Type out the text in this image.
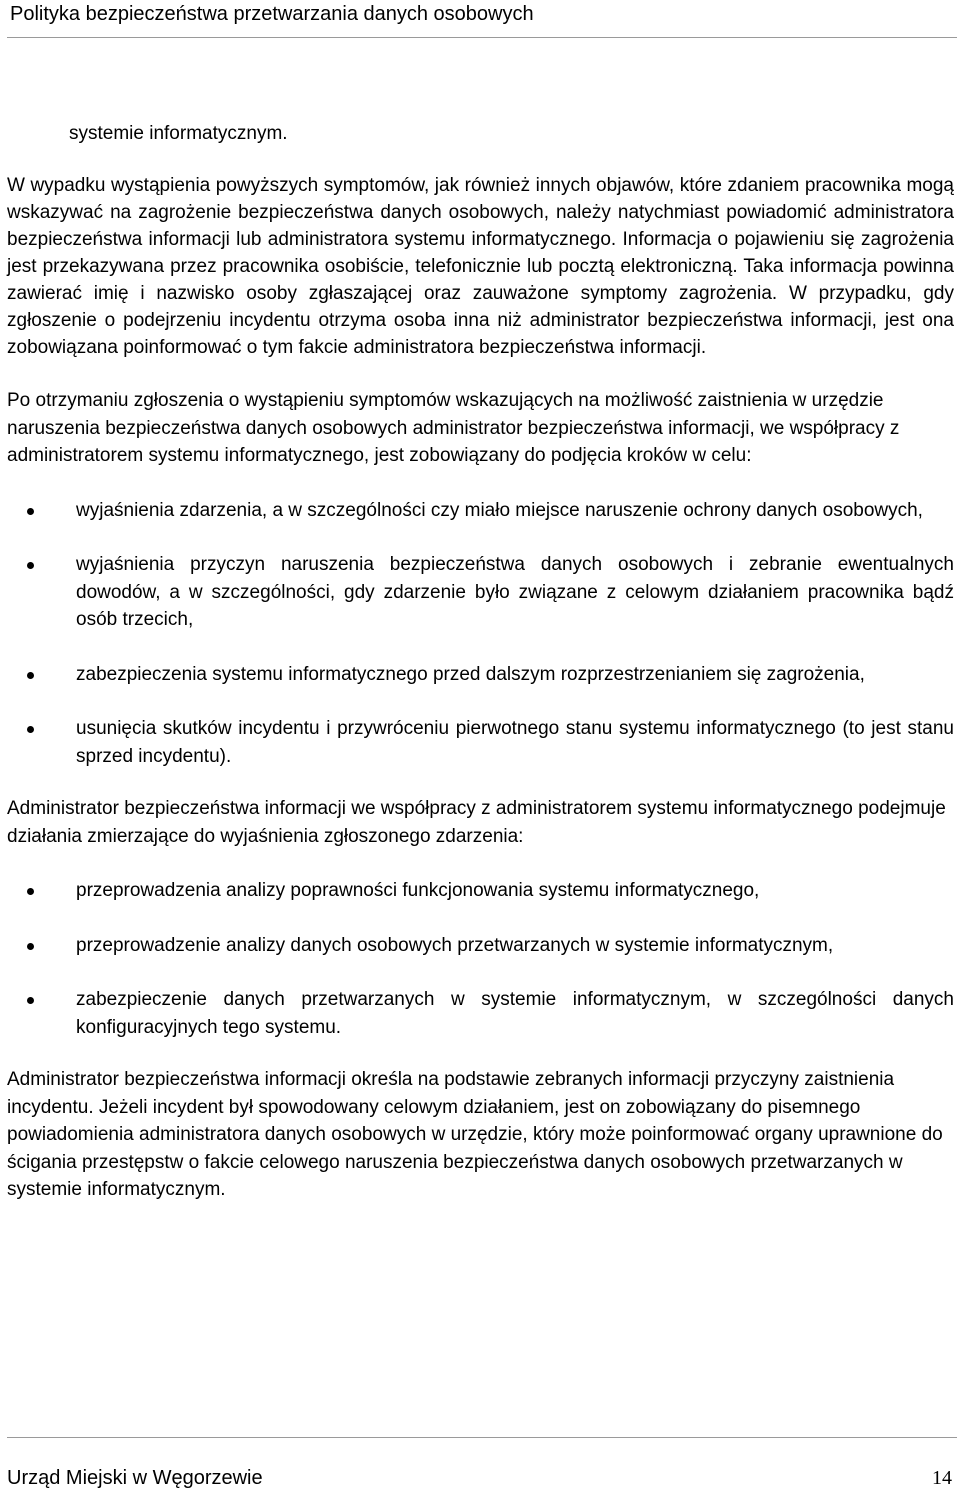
Polityka bezpieczeństwa przetwarzania danych osobowych

systemie informatycznym.

W wypadku wystąpienia powyższych symptomów, jak również innych objawów, które zdaniem pracownika mogą wskazywać na zagrożenie bezpieczeństwa danych osobowych, należy natychmiast powiadomić administratora bezpieczeństwa informacji lub administratora systemu informatycznego. Informacja o pojawieniu się zagrożenia jest przekazywana przez pracownika osobiście, telefonicznie lub pocztą elektroniczną. Taka informacja powinna zawierać imię i nazwisko osoby zgłaszającej oraz zauważone symptomy zagrożenia. W przypadku, gdy zgłoszenie o podejrzeniu incydentu otrzyma osoba inna niż administrator bezpieczeństwa informacji, jest ona zobowiązana poinformować o tym fakcie administratora bezpieczeństwa informacji.

Po otrzymaniu zgłoszenia o wystąpieniu symptomów wskazujących na możliwość zaistnienia w urzędzie naruszenia bezpieczeństwa danych osobowych administrator bezpieczeństwa informacji, we współpracy z administratorem systemu informatycznego, jest zobowiązany do podjęcia kroków w celu:

wyjaśnienia zdarzenia, a w szczególności czy miało miejsce naruszenie ochrony danych osobowych,
wyjaśnienia przyczyn naruszenia bezpieczeństwa danych osobowych i zebranie ewentualnych dowodów, a w szczególności, gdy zdarzenie było związane z celowym działaniem pracownika bądź osób trzecich,
zabezpieczenia systemu informatycznego przed dalszym rozprzestrzenianiem się zagrożenia,
usunięcia skutków incydentu i przywróceniu pierwotnego stanu systemu informatycznego (to jest stanu sprzed incydentu).

Administrator bezpieczeństwa informacji we współpracy z administratorem systemu informatycznego podejmuje działania zmierzające do wyjaśnienia zgłoszonego zdarzenia:

przeprowadzenia analizy poprawności funkcjonowania systemu informatycznego,
przeprowadzenie analizy danych osobowych przetwarzanych w systemie informatycznym,
zabezpieczenie danych przetwarzanych w systemie informatycznym, w szczególności danych konfiguracyjnych tego systemu.

Administrator bezpieczeństwa informacji określa na podstawie zebranych informacji przyczyny zaistnienia incydentu. Jeżeli incydent był spowodowany celowym działaniem, jest on zobowiązany do pisemnego powiadomienia administratora danych osobowych w urzędzie, który może poinformować organy uprawnione do ścigania przestępstw o fakcie celowego naruszenia bezpieczeństwa danych osobowych przetwarzanych w systemie informatycznym.

Urząd Miejski w Węgorzewie	14
